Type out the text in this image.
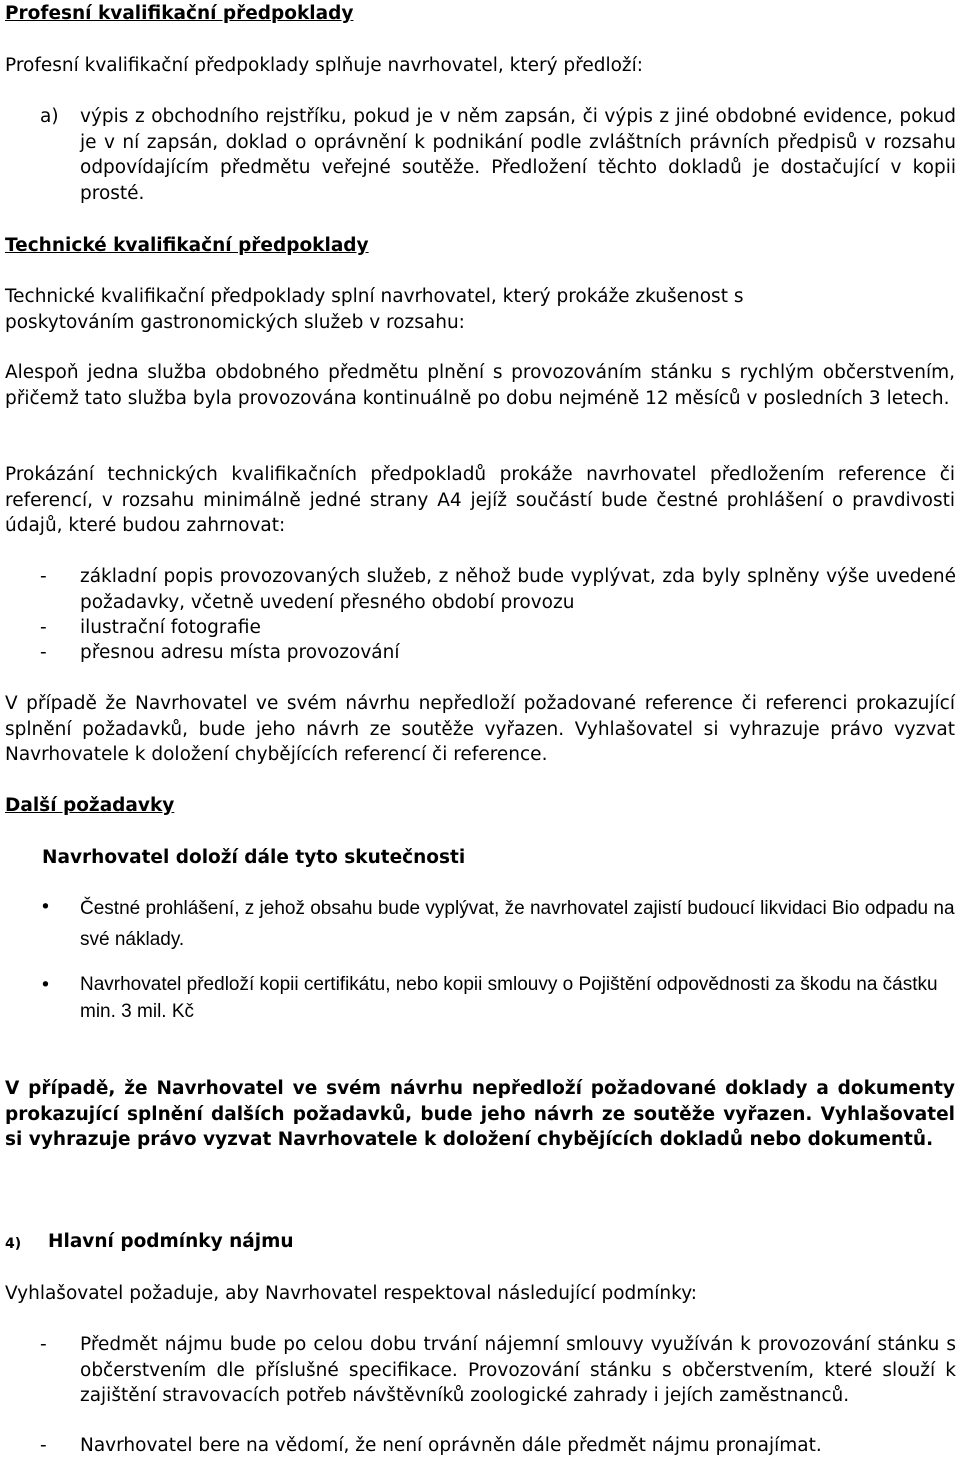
Profesní kvalifikační předpoklady

Profesní kvalifikační předpoklady splňuje navrhovatel, který předloží:

a) výpis z obchodního rejstříku, pokud je v něm zapsán, či výpis z jiné obdobné evidence, pokud je v ní zapsán, doklad o oprávnění k podnikání podle zvláštních právních předpisů v rozsahu odpovídajícím předmětu veřejné soutěže. Předložení těchto dokladů je dostačující v kopii prosté.

Technické kvalifikační předpoklady

Technické kvalifikační předpoklady splní navrhovatel, který prokáže zkušenost s poskytováním gastronomických služeb v rozsahu:

Alespoň jedna služba obdobného předmětu plnění s provozováním stánku s rychlým občerstvením, přičemž tato služba byla provozována kontinuálně po dobu nejméně 12 měsíců v posledních 3 letech.

Prokázání technických kvalifikačních předpokladů prokáže navrhovatel předložením reference či referencí, v rozsahu minimálně jedné strany A4 jejíž součástí bude čestné prohlášení o pravdivosti údajů, které budou zahrnovat:

- základní popis provozovaných služeb, z něhož bude vyplývat, zda byly splněny výše uvedené požadavky, včetně uvedení přesného období provozu

- ilustrační fotografie

- přesnou adresu místa provozování

V případě že Navrhovatel ve svém návrhu nepředloží požadované reference či referenci prokazující splnění požadavků, bude jeho návrh ze soutěže vyřazen. Vyhlašovatel si vyhrazuje právo vyzvat Navrhovatele k doložení chybějících referencí či reference.

Další požadavky

Navrhovatel doloží dále tyto skutečnosti

• Čestné prohlášení, z jehož obsahu bude vyplývat, že navrhovatel zajistí budoucí likvidaci Bio odpadu na své náklady.

• Navrhovatel předloží kopii certifikátu, nebo kopii smlouvy o Pojištění odpovědnosti za škodu na částku min. 3 mil. Kč

V případě, že Navrhovatel ve svém návrhu nepředloží požadované doklady a dokumenty prokazující splnění dalších požadavků, bude jeho návrh ze soutěže vyřazen. Vyhlašovatel si vyhrazuje právo vyzvat Navrhovatele k doložení chybějících dokladů nebo dokumentů.

4) Hlavní podmínky nájmu

Vyhlašovatel požaduje, aby Navrhovatel respektoval následující podmínky:

- Předmět nájmu bude po celou dobu trvání nájemní smlouvy využíván k provozování stánku s občerstvením dle příslušné specifikace. Provozování stánku s občerstvením, které slouží k zajištění stravovacích potřeb návštěvníků zoologické zahrady i jejích zaměstnanců.

- Navrhovatel bere na vědomí, že není oprávněn dále předmět nájmu pronajímat.
